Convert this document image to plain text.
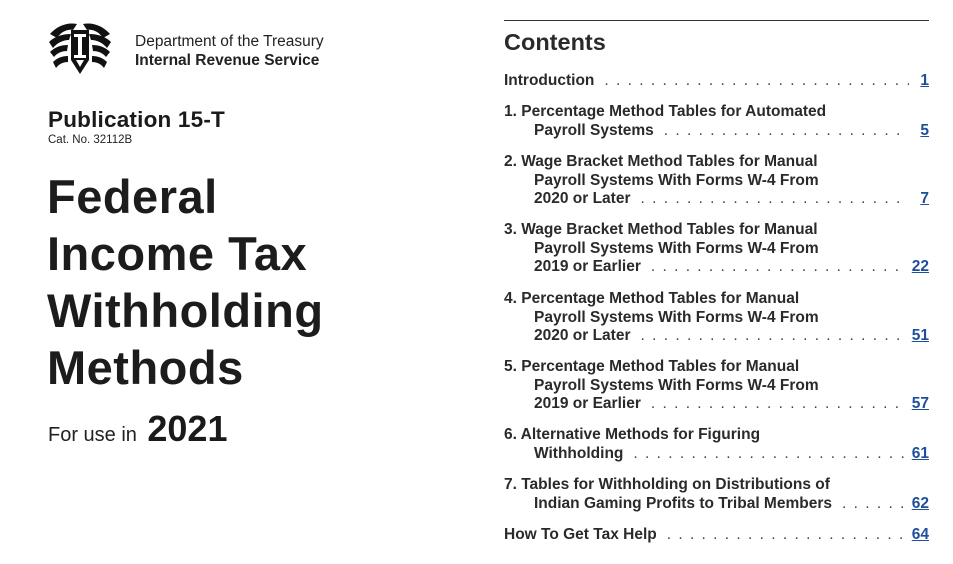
Department of the Treasury
Internal Revenue Service
Publication 15-T
Cat. No. 32112B
Federal
Income Tax
Withholding
Methods
For use in 2021
Contents
Introduction . . .	1
1. Percentage Method Tables for Automated
Payroll Systems . . .	5
2. Wage Bracket Method Tables for Manual
Payroll Systems With Forms W-4 From
2020 or Later . . .	7
3. Wage Bracket Method Tables for Manual
Payroll Systems With Forms W-4 From
2019 or Earlier . . .	22
4. Percentage Method Tables for Manual
Payroll Systems With Forms W-4 From
2020 or Later . . .	51
5. Percentage Method Tables for Manual
Payroll Systems With Forms W-4 From
2019 or Earlier . . .	57
6. Alternative Methods for Figuring
Withholding . . .	61
7. Tables for Withholding on Distributions of
Indian Gaming Profits to Tribal Members . . .	62
How To Get Tax Help . . .	64
